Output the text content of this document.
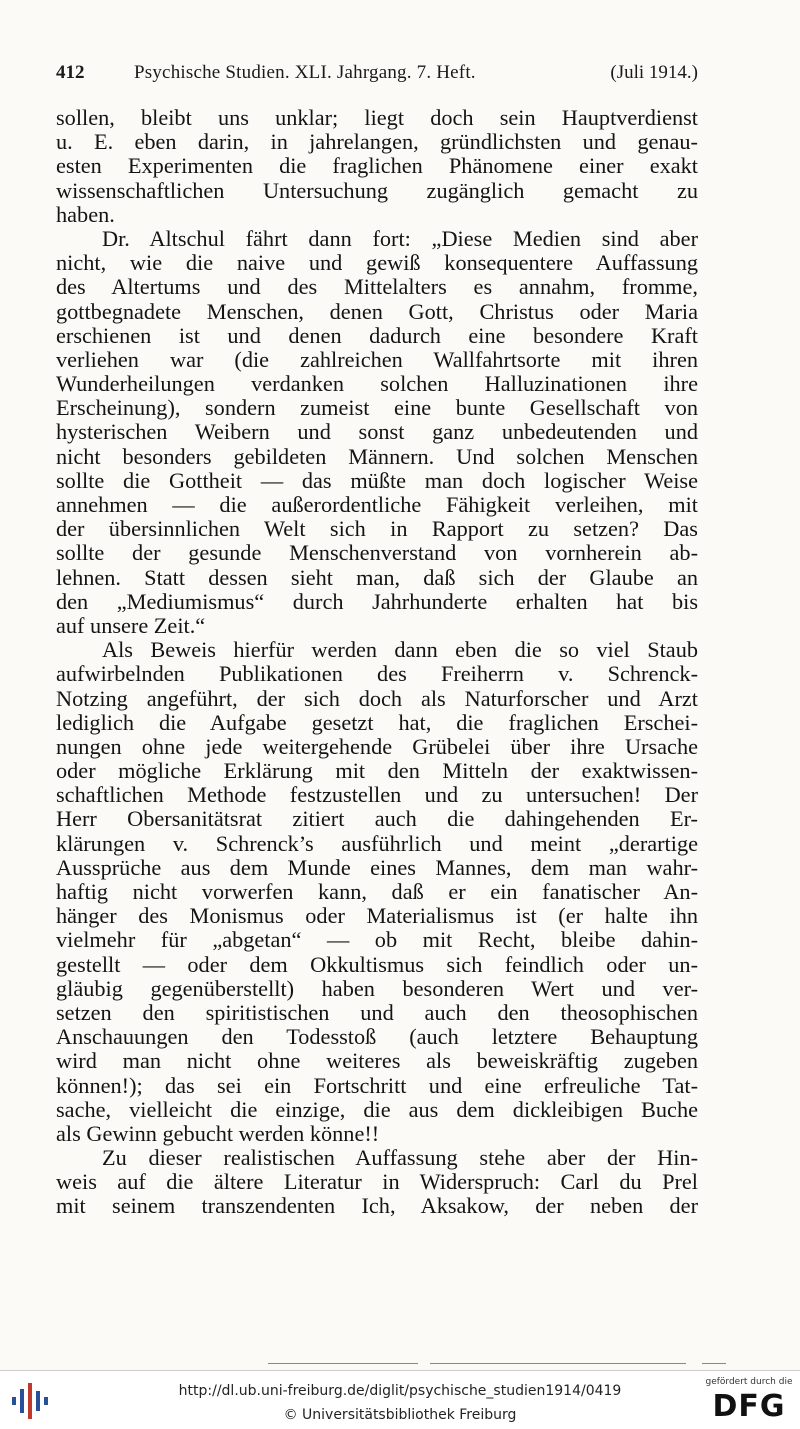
412	Psychische Studien. XLI. Jahrgang. 7. Heft.	(Juli 1914.)
sollen, bleibt uns unklar; liegt doch sein Hauptverdienst
u. E. eben darin, in jahrelangen, gründlichsten und genau-
esten Experimenten die fraglichen Phänomene einer exakt
wissenschaftlichen Untersuchung zugänglich gemacht zu
haben.
Dr. Altschul fährt dann fort: „Diese Medien sind aber
nicht, wie die naive und gewiß konsequentere Auffassung
des Altertums und des Mittelalters es annahm, fromme,
gottbegnadete Menschen, denen Gott, Christus oder Maria
erschienen ist und denen dadurch eine besondere Kraft
verliehen war (die zahlreichen Wallfahrtsorte mit ihren
Wunderheilungen verdanken solchen Halluzinationen ihre
Erscheinung), sondern zumeist eine bunte Gesellschaft von
hysterischen Weibern und sonst ganz unbedeutenden und
nicht besonders gebildeten Männern. Und solchen Menschen
sollte die Gottheit — das müßte man doch logischer Weise
annehmen — die außerordentliche Fähigkeit verleihen, mit
der übersinnlichen Welt sich in Rapport zu setzen? Das
sollte der gesunde Menschenverstand von vornherein ab-
lehnen. Statt dessen sieht man, daß sich der Glaube an
den „Mediumismus“ durch Jahrhunderte erhalten hat bis
auf unsere Zeit.“
Als Beweis hierfür werden dann eben die so viel Staub
aufwirbelnden Publikationen des Freiherrn v. Schrenck-
Notzing angeführt, der sich doch als Naturforscher und Arzt
lediglich die Aufgabe gesetzt hat, die fraglichen Erschei-
nungen ohne jede weitergehende Grübelei über ihre Ursache
oder mögliche Erklärung mit den Mitteln der exaktwissen-
schaftlichen Methode festzustellen und zu untersuchen! Der
Herr Obersanitätsrat zitiert auch die dahingehenden Er-
klärungen v. Schrenck’s ausführlich und meint „derartige
Aussprüche aus dem Munde eines Mannes, dem man wahr-
haftig nicht vorwerfen kann, daß er ein fanatischer An-
hänger des Monismus oder Materialismus ist (er halte ihn
vielmehr für „abgetan“ — ob mit Recht, bleibe dahin-
gestellt — oder dem Okkultismus sich feindlich oder un-
gläubig gegenüberstellt) haben besonderen Wert und ver-
setzen den spiritistischen und auch den theosophischen
Anschauungen den Todesstoß (auch letztere Behauptung
wird man nicht ohne weiteres als beweiskräftig zugeben
können!); das sei ein Fortschritt und eine erfreuliche Tat-
sache, vielleicht die einzige, die aus dem dickleibigen Buche
als Gewinn gebucht werden könne!!
Zu dieser realistischen Auffassung stehe aber der Hin-
weis auf die ältere Literatur in Widerspruch: Carl du Prel
mit seinem transzendenten Ich, Aksakow, der neben der
http://dl.ub.uni-freiburg.de/diglit/psychische_studien1914/0419
© Universitätsbibliothek Freiburg
gefördert durch die
DFG
